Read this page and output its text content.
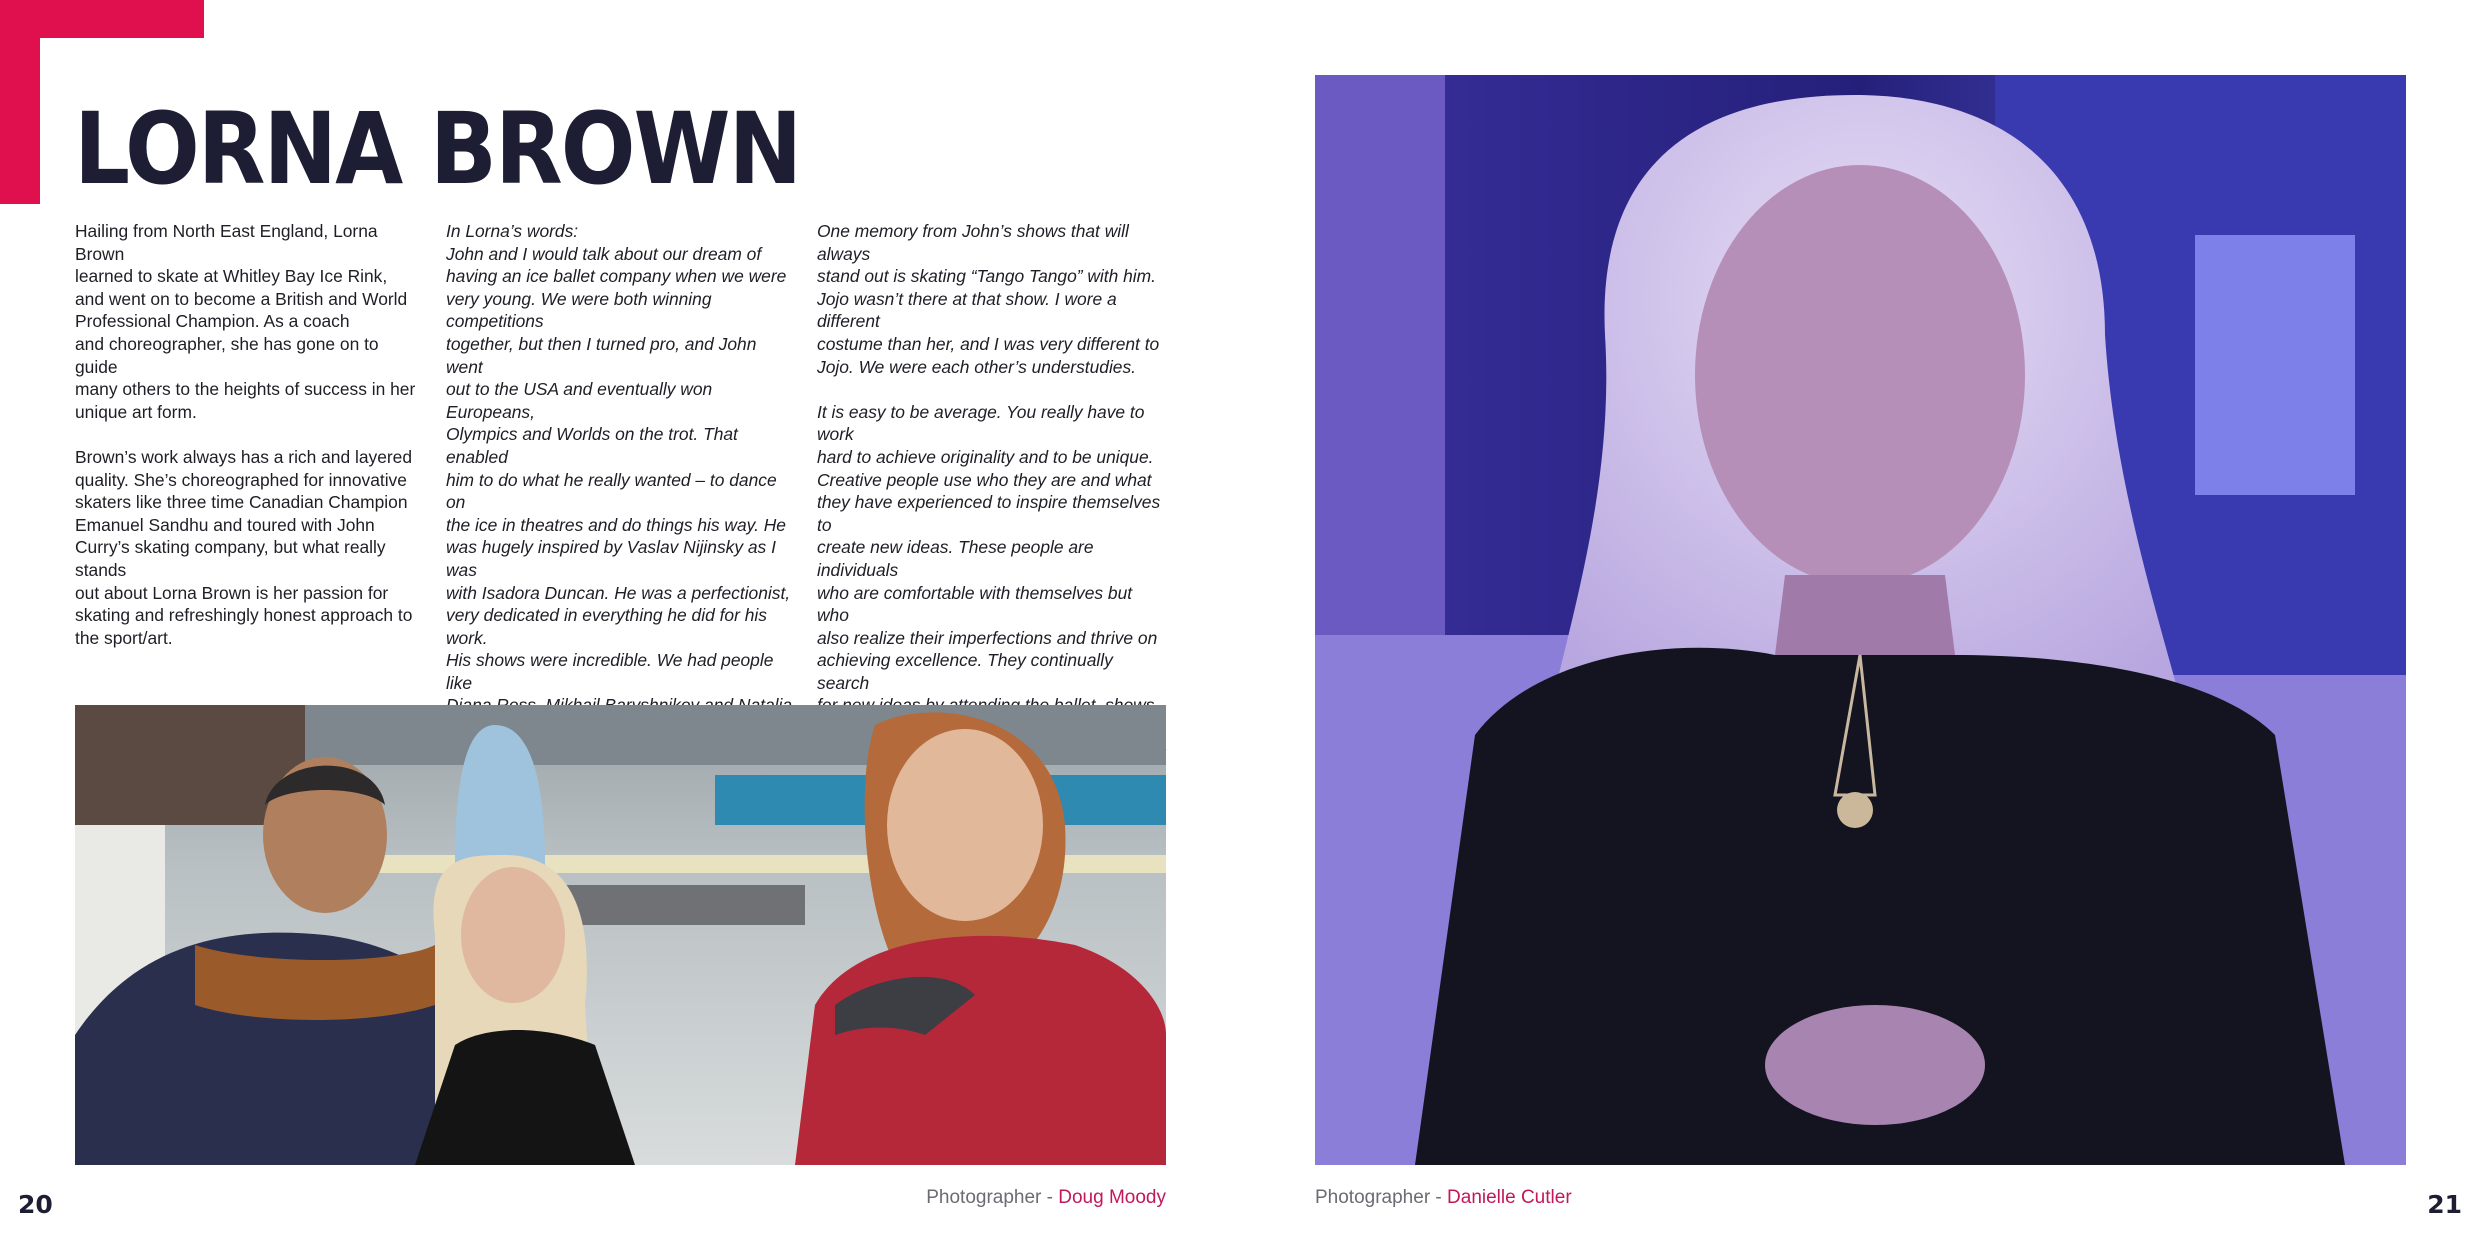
LORNA BROWN

Hailing from North East England, Lorna Brown
learned to skate at Whitley Bay Ice Rink,
and went on to become a British and World
Professional Champion. As a coach
and choreographer, she has gone on to guide
many others to the heights of success in her
unique art form.

Brown’s work always has a rich and layered
quality. She’s choreographed for innovative
skaters like three time Canadian Champion
Emanuel Sandhu and toured with John
Curry’s skating company, but what really
stands
out about Lorna Brown is her passion for
skating and refreshingly honest approach to
the sport/art.

In Lorna’s words:
John and I would talk about our dream of
having an ice ballet company when we were
very young. We were both winning competitions
together, but then I turned pro, and John went
out to the USA and eventually won Europeans,
Olympics and Worlds on the trot. That enabled
him to do what he really wanted – to dance on
the ice in theatres and do things his way. He
was hugely inspired by Vaslav Nijinsky as I was
with Isadora Duncan. He was a perfectionist,
very dedicated in everything he did for his work.
His shows were incredible. We had people like

One memory from John’s shows that will always
stand out is skating “Tango Tango” with him.
Jojo wasn’t there at that show. I wore a different
costume than her, and I was very different to
Jojo. We were each other’s understudies.

It is easy to be average. You really have to work
hard to achieve originality and to be unique.
Creative people use who they are and what
they have experienced to inspire themselves to
create new ideas. These people are individuals
who are comfortable with themselves but who
also realize their imperfections and thrive on
achieving excellence. They continually search

20	21
Photographer - Doug Moody	Photographer - Danielle Cutler
